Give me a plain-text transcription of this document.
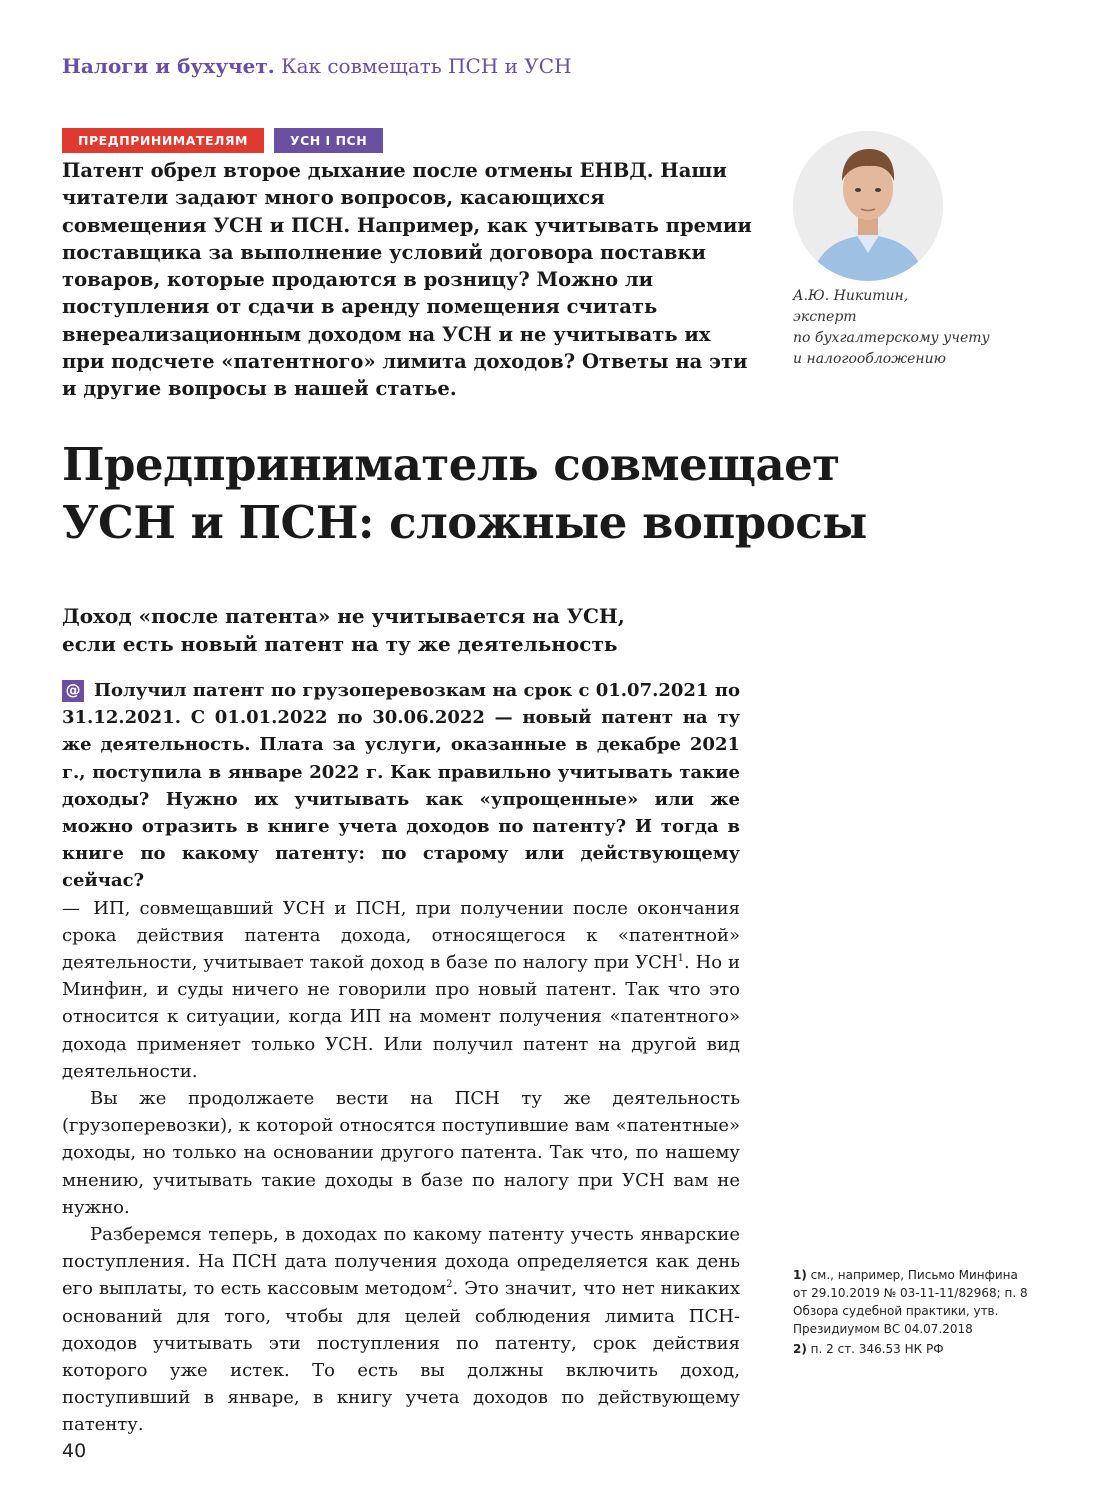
Налоги и бухучет. Как совмещать ПСН и УСН
ПРЕДПРИНИМАТЕЛЯМ	УСН I ПСН

Патент обрел второе дыхание после отмены ЕНВД. Наши читатели задают много вопросов, касающихся совмещения УСН и ПСН. Например, как учитывать премии поставщика за выполнение условий договора поставки товаров, которые продаются в розницу? Можно ли поступления от сдачи в аренду помещения считать внереализационным доходом на УСН и не учитывать их при подсчете «патентного» лимита доходов? Ответы на эти и другие вопросы в нашей статье.

А.Ю. Никитин,
эксперт
по бухгалтерскому учету
и налогообложению
Предприниматель совмещает
УСН и ПСН: сложные вопросы
Доход «после патента» не учитывается на УСН,
если есть новый патент на ту же деятельность

@ Получил патент по грузоперевозкам на срок с 01.07.2021 по 31.12.2021. С 01.01.2022 по 30.06.2022 — новый патент на ту же деятельность. Плата за услуги, оказанные в декабре 2021 г., поступила в январе 2022 г. Как правильно учитывать такие доходы? Нужно их учитывать как «упрощенные» или же можно отразить в книге учета доходов по патенту? И тогда в книге по какому патенту: по старому или действующему сейчас?

— ИП, совмещавший УСН и ПСН, при получении после окончания срока действия патента дохода, относящегося к «патентной» деятельности, учитывает такой доход в базе по налогу при УСН$^1$. Но и Минфин, и суды ничего не говорили про новый патент. Так что это относится к ситуации, когда ИП на момент получения «патентного» дохода применяет только УСН. Или получил патент на другой вид деятельности.

Вы же продолжаете вести на ПСН ту же деятельность (грузоперевозки), к которой относятся поступившие вам «патентные» доходы, но только на основании другого патента. Так что, по нашему мнению, учитывать такие доходы в базе по налогу при УСН вам не нужно.

Разберемся теперь, в доходах по какому патенту учесть январские поступления. На ПСН дата получения дохода определяется как день его выплаты, то есть кассовым методом$^2$. Это значит, что нет никаких оснований для того, чтобы для целей соблюдения лимита ПСН-доходов учитывать эти поступления по патенту, срок действия которого уже истек. То есть вы должны включить доход, поступивший в январе, в книгу учета доходов по действующему патенту.

1) см., например, Письмо Минфина от 29.10.2019 № 03-11-11/82968; п. 8 Обзора судебной практики, утв. Президиумом ВС 04.07.2018
2) п. 2 ст. 346.53 НК РФ
40
